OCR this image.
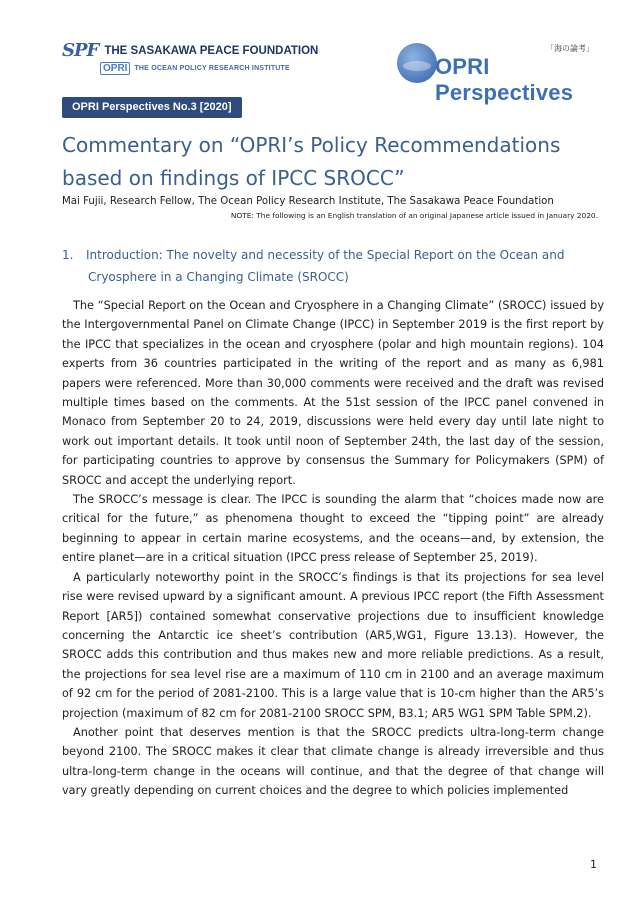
SPF THE SASAKAWA PEACE FOUNDATION
OPRI	THE OCEAN POLICY RESEARCH INSTITUTE
「海の論考」
OPRI Perspectives
OPRI Perspectives No.3 [2020]
Commentary on “OPRI’s Policy Recommendations based on findings of IPCC SROCC”
Mai Fujii, Research Fellow, The Ocean Policy Research Institute, The Sasakawa Peace Foundation
NOTE: The following is an English translation of an original Japanese article issued in January 2020.
1. Introduction: The novelty and necessity of the Special Report on the Ocean and
Cryosphere in a Changing Climate (SROCC)

The “Special Report on the Ocean and Cryosphere in a Changing Climate” (SROCC) issued by the Intergovernmental Panel on Climate Change (IPCC) in September 2019 is the first report by the IPCC that specializes in the ocean and cryosphere (polar and high mountain regions). 104 experts from 36 countries participated in the writing of the report and as many as 6,981 papers were referenced. More than 30,000 comments were received and the draft was revised multiple times based on the comments. At the 51st session of the IPCC panel convened in Monaco from September 20 to 24, 2019, discussions were held every day until late night to work out important details. It took until noon of September 24th, the last day of the session, for participating countries to approve by consensus the Summary for Policymakers (SPM) of SROCC and accept the underlying report.

The SROCC’s message is clear. The IPCC is sounding the alarm that “choices made now are critical for the future,” as phenomena thought to exceed the “tipping point” are already beginning to appear in certain marine ecosystems, and the oceans—and, by extension, the entire planet—are in a critical situation (IPCC press release of September 25, 2019).

A particularly noteworthy point in the SROCC’s findings is that its projections for sea level rise were revised upward by a significant amount. A previous IPCC report (the Fifth Assessment Report [AR5]) contained somewhat conservative projections due to insufficient knowledge concerning the Antarctic ice sheet’s contribution (AR5,WG1, Figure 13.13). However, the SROCC adds this contribution and thus makes new and more reliable predictions. As a result, the projections for sea level rise are a maximum of 110 cm in 2100 and an average maximum of 92 cm for the period of 2081-2100. This is a large value that is 10-cm higher than the AR5’s projection (maximum of 82 cm for 2081-2100 SROCC SPM, B3.1; AR5 WG1 SPM Table SPM.2).

Another point that deserves mention is that the SROCC predicts ultra-long-term change beyond 2100. The SROCC makes it clear that climate change is already irreversible and thus ultra-long-term change in the oceans will continue, and that the degree of that change will vary greatly depending on current choices and the degree to which policies implemented

1
